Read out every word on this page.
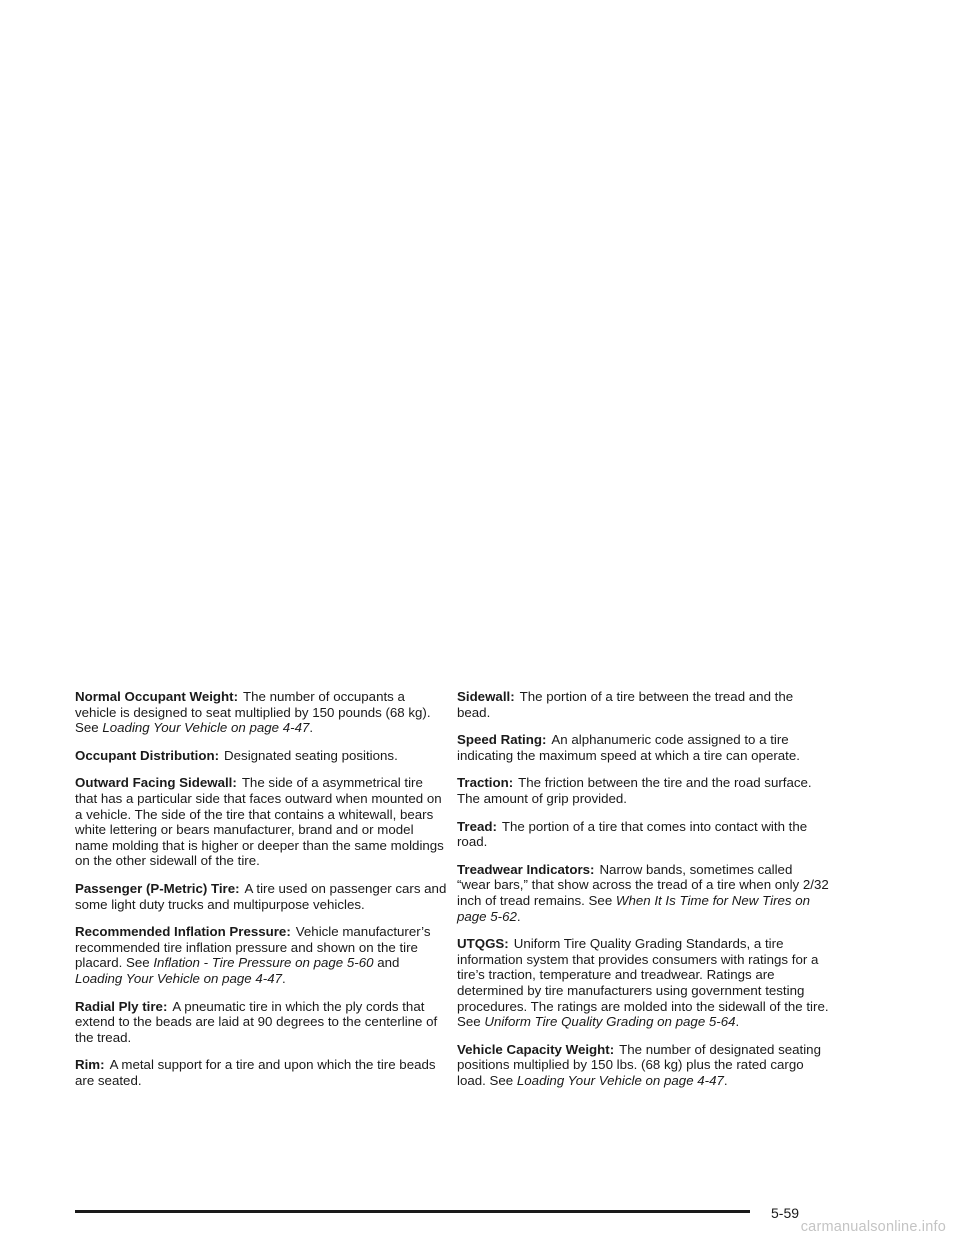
Normal Occupant Weight: The number of occupants a vehicle is designed to seat multiplied by 150 pounds (68 kg). See Loading Your Vehicle on page 4-47.

Occupant Distribution: Designated seating positions.

Outward Facing Sidewall: The side of a asymmetrical tire that has a particular side that faces outward when mounted on a vehicle. The side of the tire that contains a whitewall, bears white lettering or bears manufacturer, brand and or model name molding that is higher or deeper than the same moldings on the other sidewall of the tire.

Passenger (P-Metric) Tire: A tire used on passenger cars and some light duty trucks and multipurpose vehicles.

Recommended Inflation Pressure: Vehicle manufacturer’s recommended tire inflation pressure and shown on the tire placard. See Inflation - Tire Pressure on page 5-60 and Loading Your Vehicle on page 4-47.

Radial Ply tire: A pneumatic tire in which the ply cords that extend to the beads are laid at 90 degrees to the centerline of the tread.

Rim: A metal support for a tire and upon which the tire beads are seated.

Sidewall: The portion of a tire between the tread and the bead.

Speed Rating: An alphanumeric code assigned to a tire indicating the maximum speed at which a tire can operate.

Traction: The friction between the tire and the road surface. The amount of grip provided.

Tread: The portion of a tire that comes into contact with the road.

Treadwear Indicators: Narrow bands, sometimes called “wear bars,” that show across the tread of a tire when only 2/32 inch of tread remains. See When It Is Time for New Tires on page 5-62.

UTQGS: Uniform Tire Quality Grading Standards, a tire information system that provides consumers with ratings for a tire’s traction, temperature and treadwear. Ratings are determined by tire manufacturers using government testing procedures. The ratings are molded into the sidewall of the tire. See Uniform Tire Quality Grading on page 5-64.

Vehicle Capacity Weight: The number of designated seating positions multiplied by 150 lbs. (68 kg) plus the rated cargo load. See Loading Your Vehicle on page 4-47.

5-59
carmanualsonline.info
